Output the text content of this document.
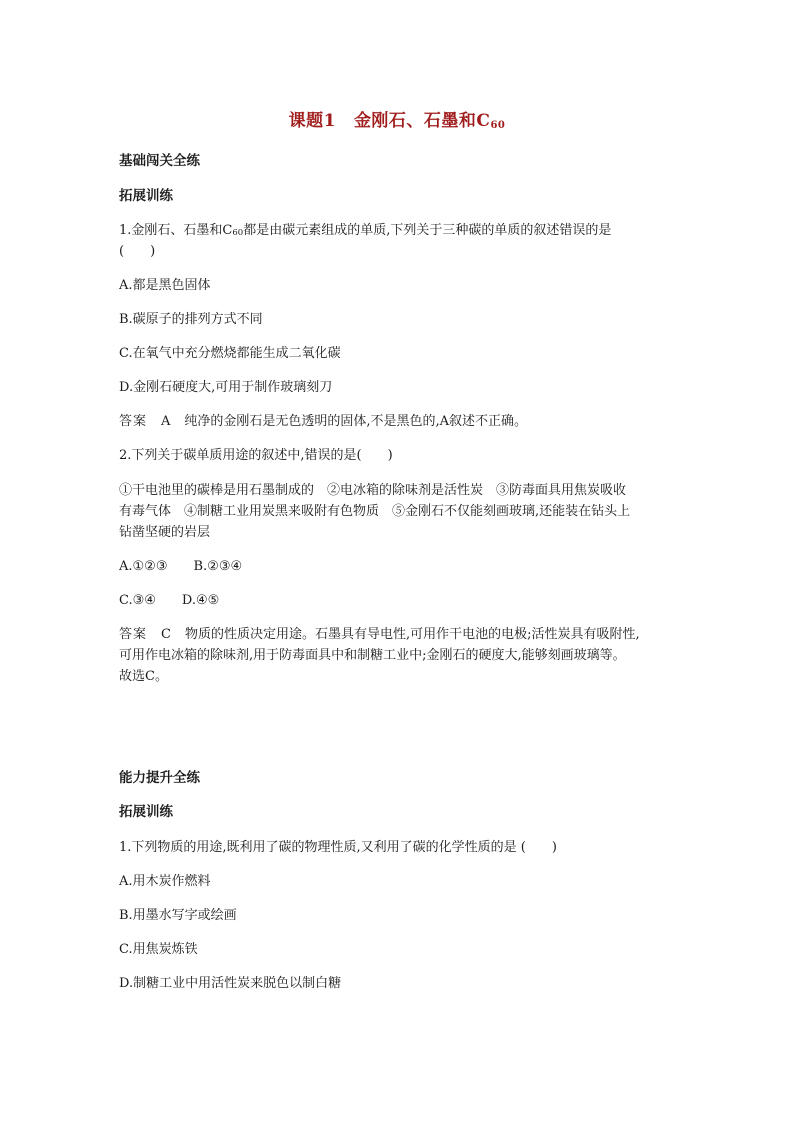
课题1 金刚石、石墨和$C_{60}$
基础闯关全练
拓展训练
1.金刚石、石墨和$C_{60}$都是由碳元素组成的单质,下列关于三种碳的单质的叙述错误的是
(　　)
A.都是黑色固体
B.碳原子的排列方式不同
C.在氧气中充分燃烧都能生成二氧化碳
D.金刚石硬度大,可用于制作玻璃刻刀
答案　A　 纯净的金刚石是无色透明的固体,不是黑色的,A叙述不正确。
2.下列关于碳单质用途的叙述中,错误的是(　　)
①干电池里的碳棒是用石墨制成的　②电冰箱的除味剂是活性炭　③防毒面具用焦炭吸收
有毒气体　④制糖工业用炭黑来吸附有色物质　⑤金刚石不仅能刻画玻璃,还能装在钻头上
钻凿坚硬的岩层
A.①②③　　B.②③④
C.③④　　D.④⑤
答案　C　 物质的性质决定用途。石墨具有导电性,可用作干电池的电极;活性炭具有吸附性,
可用作电冰箱的除味剂,用于防毒面具中和制糖工业中;金刚石的硬度大,能够刻画玻璃等。
故选C。
能力提升全练
拓展训练
1.下列物质的用途,既利用了碳的物理性质,又利用了碳的化学性质的是 (　　)
A.用木炭作燃料
B.用墨水写字或绘画
C.用焦炭炼铁
D.制糖工业中用活性炭来脱色以制白糖
